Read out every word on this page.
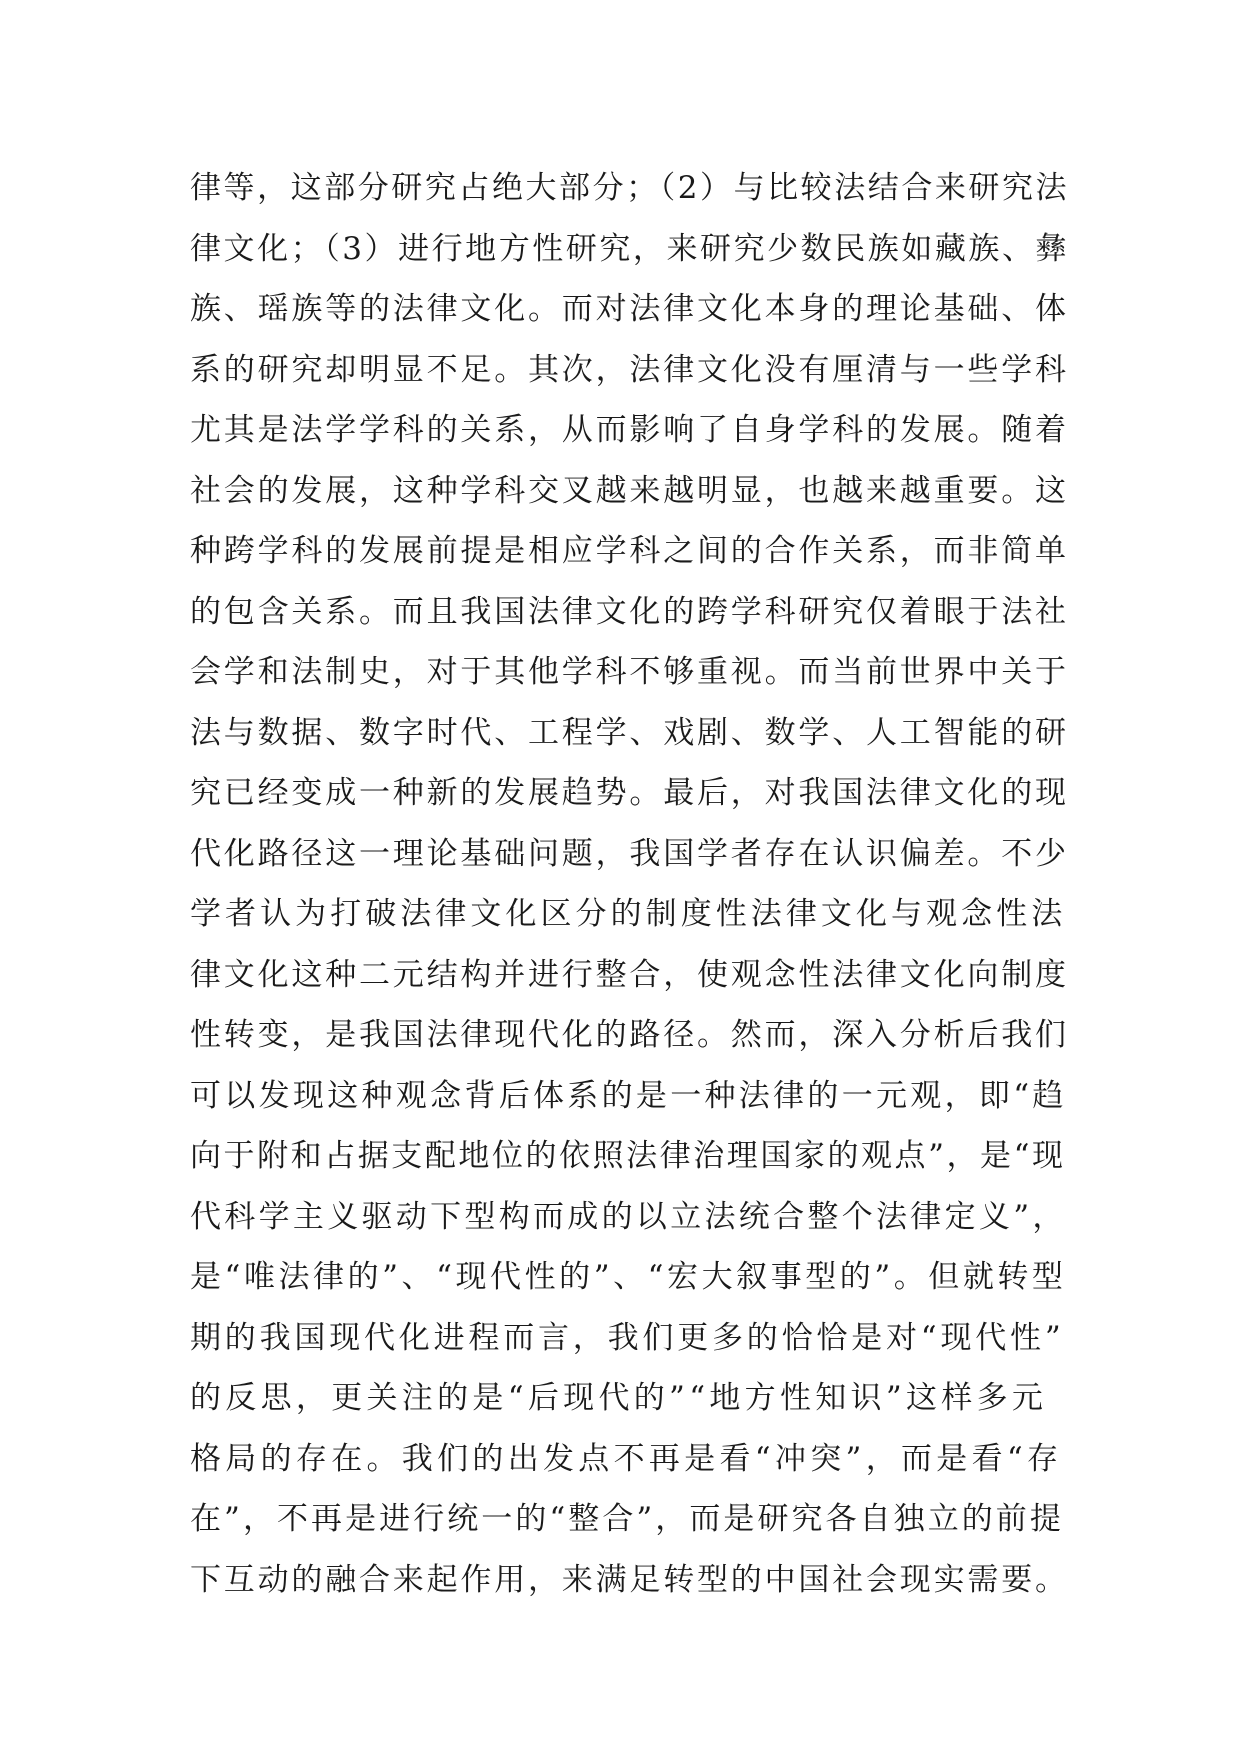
律等，这部分研究占绝大部分；（2）与比较法结合来研究法
律文化；（3）进行地方性研究，来研究少数民族如藏族、彝
族、瑶族等的法律文化。而对法律文化本身的理论基础、体
系的研究却明显不足。其次，法律文化没有厘清与一些学科
尤其是法学学科的关系，从而影响了自身学科的发展。随着
社会的发展，这种学科交叉越来越明显，也越来越重要。这
种跨学科的发展前提是相应学科之间的合作关系，而非简单
的包含关系。而且我国法律文化的跨学科研究仅着眼于法社
会学和法制史，对于其他学科不够重视。而当前世界中关于
法与数据、数字时代、工程学、戏剧、数学、人工智能的研
究已经变成一种新的发展趋势。最后，对我国法律文化的现
代化路径这一理论基础问题，我国学者存在认识偏差。不少
学者认为打破法律文化区分的制度性法律文化与观念性法
律文化这种二元结构并进行整合，使观念性法律文化向制度
性转变，是我国法律现代化的路径。然而，深入分析后我们
可以发现这种观念背后体系的是一种法律的一元观，即“趋
向于附和占据支配地位的依照法律治理国家的观点”，是“现
代科学主义驱动下型构而成的以立法统合整个法律定义”，
是“唯法律的”、“现代性的”、“宏大叙事型的”。但就转型
期的我国现代化进程而言，我们更多的恰恰是对“现代性”
的反思，更关注的是“后现代的”“地方性知识”这样多元
格局的存在。我们的出发点不再是看“冲突”，而是看“存
在”，不再是进行统一的“整合”，而是研究各自独立的前提
下互动的融合来起作用，来满足转型的中国社会现实需要。
